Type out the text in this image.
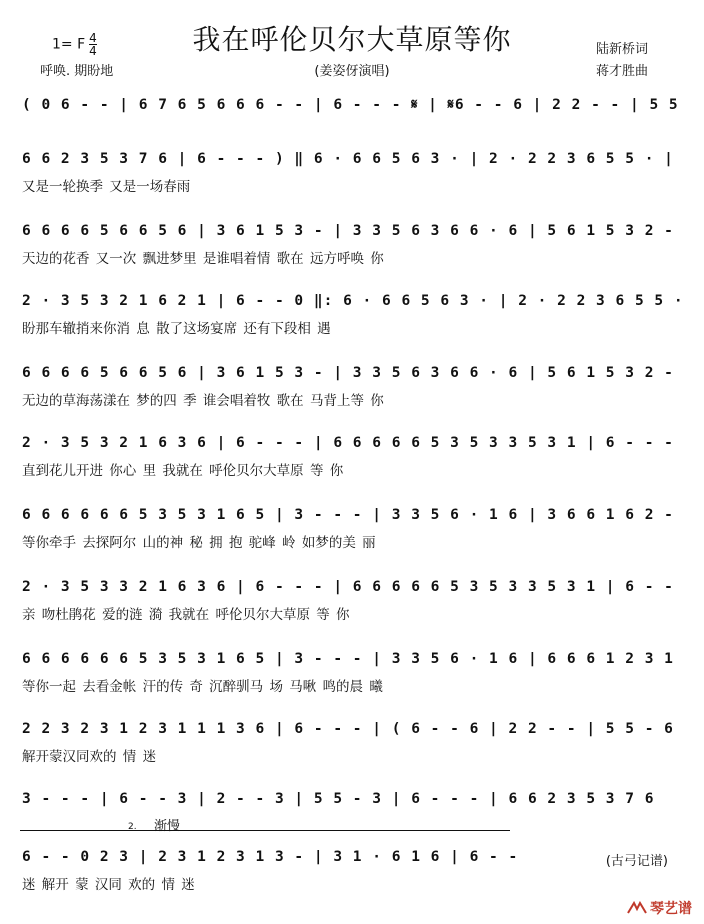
我在呼伦贝尔大草原等你
1= F $\frac{4}{4}$	陆新桥词
蒋才胜曲
呼唤. 期盼地	(姜姿伢演唱)
( 0 6 - - | 6 7 6 5 6 6 6 - - | 6 - - - 𝄋 | 𝄋6 - - 6 | 2 2 - - | 5 5
6 6 2 3 5 3 7 6 | 6 - - - ) ‖ 6 · 6 6 5 6 3 · | 2 · 2 2 3 6 5 5 · |
又是一轮换季 又是一场春雨
6 6 6 6 5 6 6 5 6 | 3 6 1 5 3 - | 3 3 5 6 3 6 6 · 6 | 5 6 1 5 3 2 -
天边的花香 又一次 飘进梦里 是谁唱着情 歌在 远方呼唤 你
2 · 3 5 3 2 1 6 2 1 | 6 - - 0 ‖: 6 · 6 6 5 6 3 · | 2 · 2 2 3 6 5 5 ·
盼那车辙捎来你消 息 散了这场宴席 还有下段相 遇
6 6 6 6 5 6 6 5 6 | 3 6 1 5 3 - | 3 3 5 6 3 6 6 · 6 | 5 6 1 5 3 2 -
无边的草海荡漾在 梦的四 季 谁会唱着牧 歌在 马背上等 你
2 · 3 5 3 2 1 6 3 6 | 6 - - - | 6 6 6 6 6 5 3 5 3 3 5 3 1 | 6 - - -
直到花儿开进 你心 里 我就在 呼伦贝尔大草原 等 你
6 6 6 6 6 6 5 3 5 3 1 6 5 | 3 - - - | 3 3 5 6 · 1 6 | 3 6 6 1 6 2 -
等你牵手 去探阿尔 山的神 秘 拥 抱 驼峰 岭 如梦的美 丽
2 · 3 5 3 3 2 1 6 3 6 | 6 - - - | 6 6 6 6 6 5 3 5 3 3 5 3 1 | 6 - -
亲 吻杜鹃花 爱的涟 漪 我就在 呼伦贝尔大草原 等 你
6 6 6 6 6 6 5 3 5 3 1 6 5 | 3 - - - | 3 3 5 6 · 1 6 | 6 6 6 1 2 3 1
等你一起 去看金帐 汗的传 奇 沉醉驯马 场 马啾 鸣的晨 曦
2 2 3 2 3 1 2 3 1 1 1 3 6 | 6 - - - | ( 6 - - 6 | 2 2 - - | 5 5 - 6
解开蒙汉同欢的 情 迷
3 - - - | 6 - - 3 | 2 - - 3 | 5 5 - 3 | 6 - - - | 6 6 2 3 5 3 7 6
2. 渐慢
6 - - 0 2 3 | 2 3 1 2 3 1 3 - | 3 1 · 6 1 6 | 6 - -
迷 解开 蒙 汉同 欢的 情 迷
(古弓记谱)
琴艺谱
